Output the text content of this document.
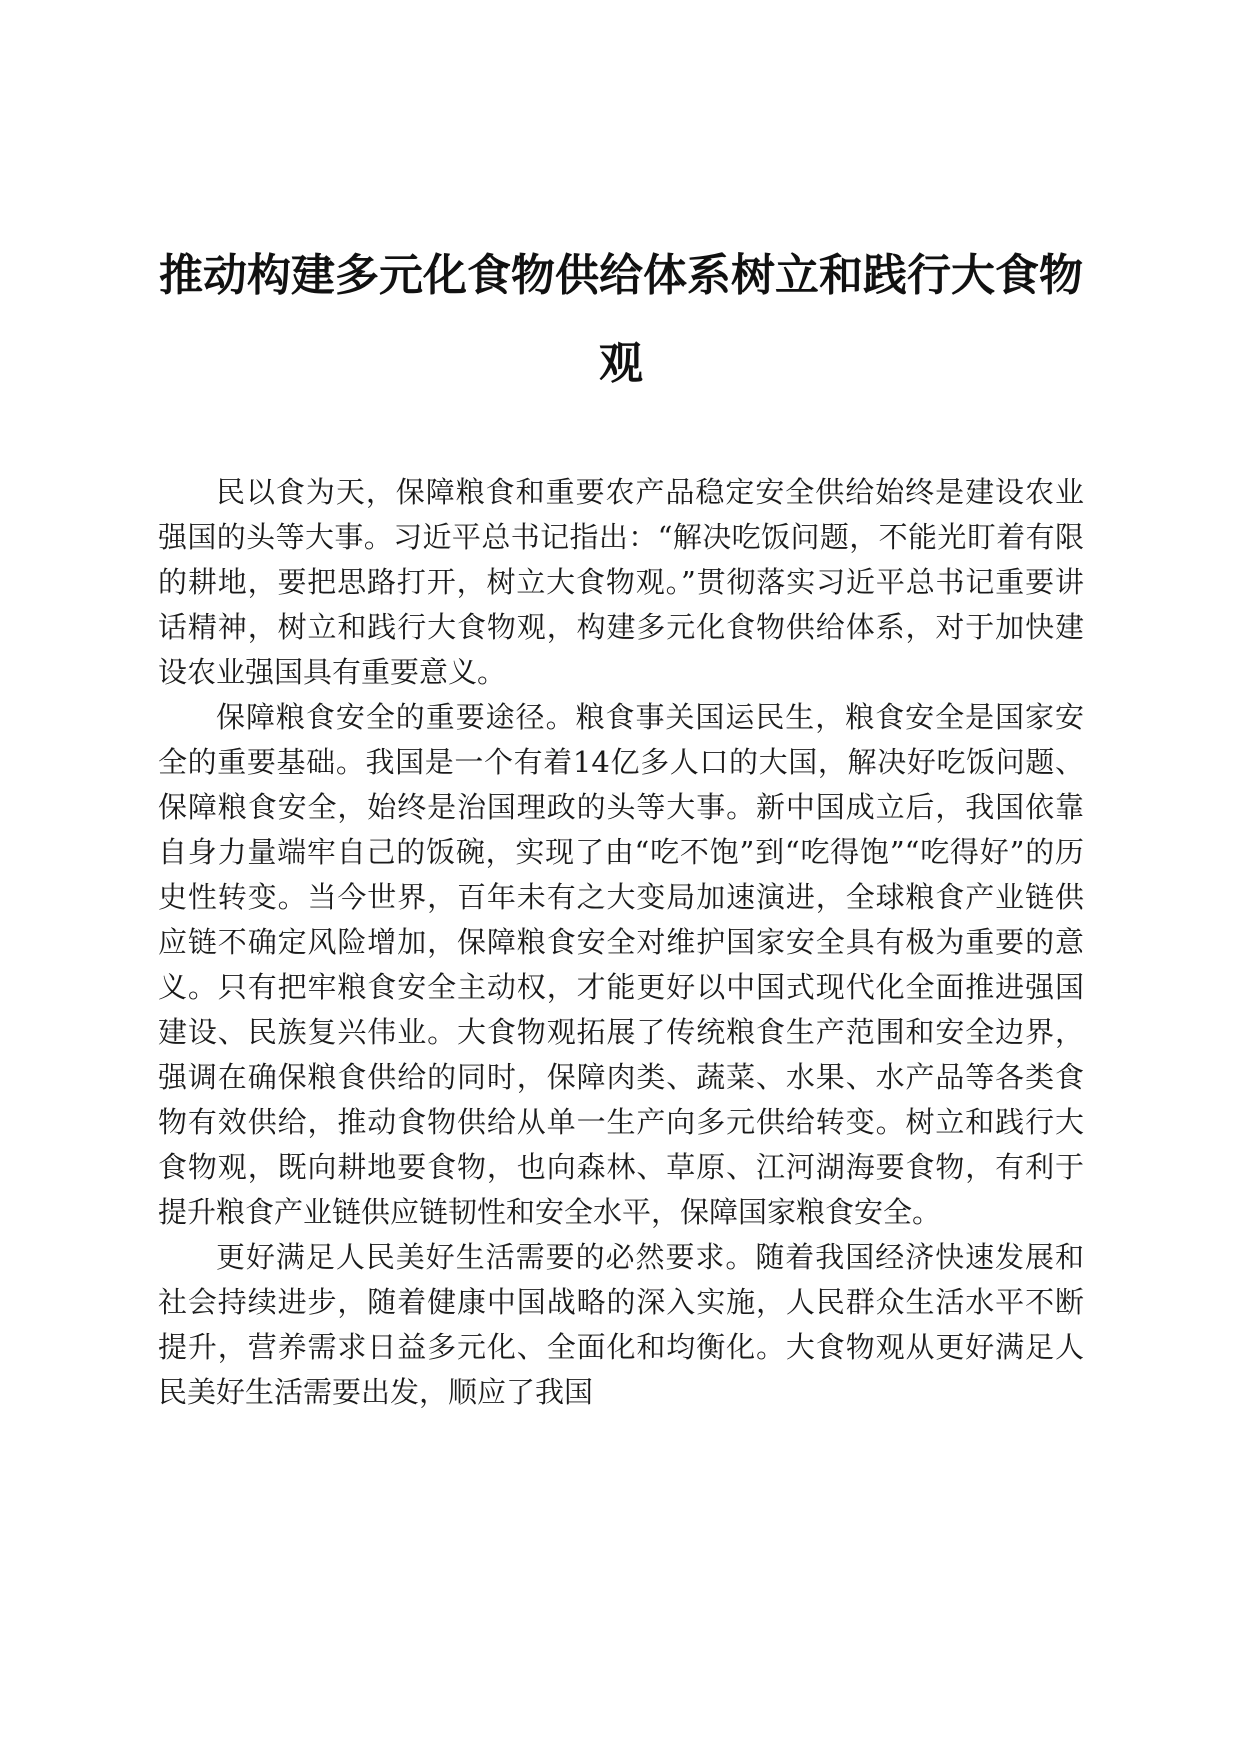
推动构建多元化食物供给体系树立和践行大食物观

民以食为天，保障粮食和重要农产品稳定安全供给始终是建设农业强国的头等大事。习近平总书记指出：“解决吃饭问题，不能光盯着有限的耕地，要把思路打开，树立大食物观。”贯彻落实习近平总书记重要讲话精神，树立和践行大食物观，构建多元化食物供给体系，对于加快建设农业强国具有重要意义。

保障粮食安全的重要途径。粮食事关国运民生，粮食安全是国家安全的重要基础。我国是一个有着14亿多人口的大国，解决好吃饭问题、保障粮食安全，始终是治国理政的头等大事。新中国成立后，我国依靠自身力量端牢自己的饭碗，实现了由“吃不饱”到“吃得饱”“吃得好”的历史性转变。当今世界，百年未有之大变局加速演进，全球粮食产业链供应链不确定风险增加，保障粮食安全对维护国家安全具有极为重要的意义。只有把牢粮食安全主动权，才能更好以中国式现代化全面推进强国建设、民族复兴伟业。大食物观拓展了传统粮食生产范围和安全边界，强调在确保粮食供给的同时，保障肉类、蔬菜、水果、水产品等各类食物有效供给，推动食物供给从单一生产向多元供给转变。树立和践行大食物观，既向耕地要食物，也向森林、草原、江河湖海要食物，有利于提升粮食产业链供应链韧性和安全水平，保障国家粮食安全。

更好满足人民美好生活需要的必然要求。随着我国经济快速发展和社会持续进步，随着健康中国战略的深入实施，人民群众生活水平不断提升，营养需求日益多元化、全面化和均衡化。大食物观从更好满足人民美好生活需要出发，顺应了我国
